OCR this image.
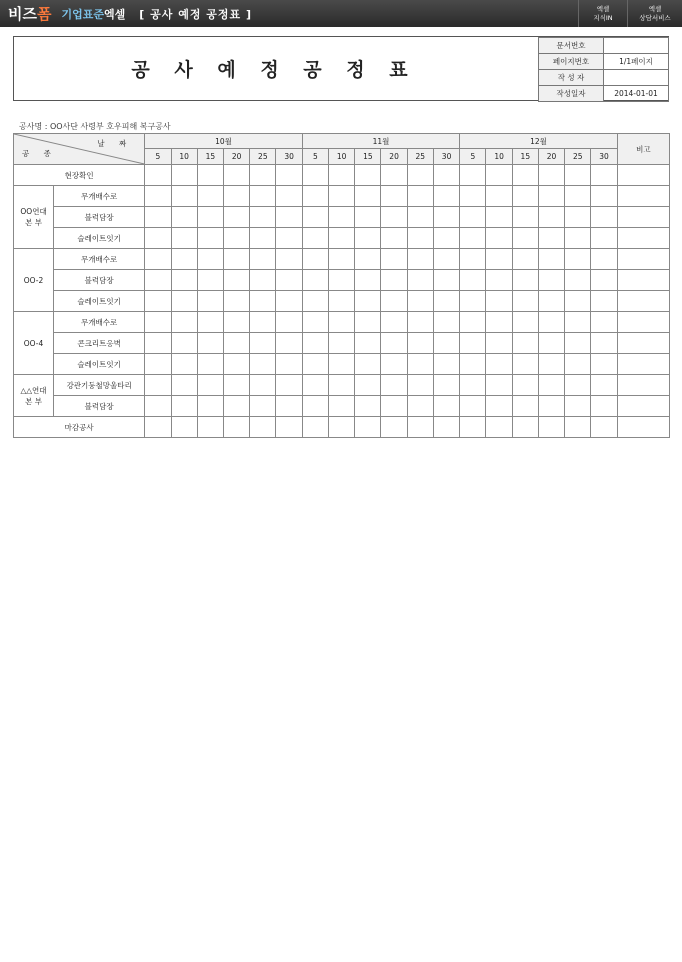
비즈폼 기업표준엑셀 [ 공사 예정 공정표 ]	엑셀
지식IN
엑셀
상담서비스
공 사 예 정 공 정 표
문서번호	
페이지번호	1/1페이지
작 성 자	
작성일자	2014-01-01
공사명 : OO사단 사령부 호우피해 복구공사
날 짜
공 종		10월						11월						12월						비고
		5	10	15	20	25	30	5	10	15	20	25	30	5	10	15	20	25	30	
현장확인																				

OO연대
본 부	무개배수로																			
	블럭담장																			
	슬레이트잇기																			

OO-2	무개배수로																			
	블럭담장																			
	슬레이트잇기																			

OO-4	무개배수로																			
	콘크리트옹벽																			
	슬레이트잇기																			

△△연대
본 부	강관기둥철망울타리																			
	블럭담장																			
마감공사																				
